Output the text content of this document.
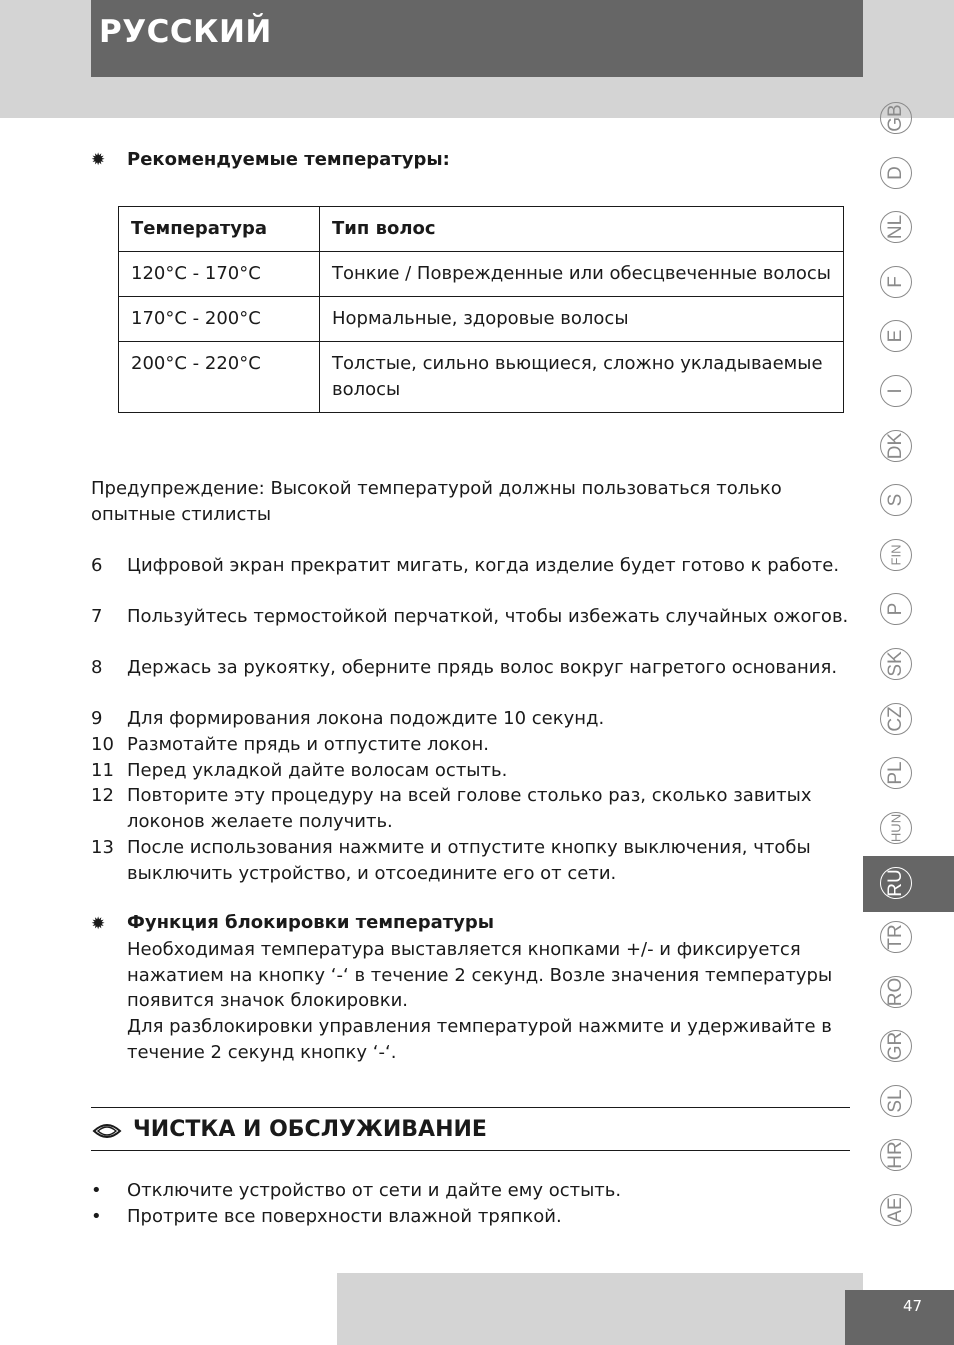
РУССКИЙ
GB
D
NL
F
E
I
DK
S
FIN
P
SK
CZ
PL
HUN
RU
TR
RO
GR
SL
HR
AE
47
✹ Рекомендуемые температуры:
Температура	Тип волос
120°C - 170°C	Тонкие / Поврежденные или обесцвеченные волосы
170°C - 200°C	Нормальные, здоровые волосы
200°C - 220°C	Толстые, сильно вьющиеся, сложно укладываемые волосы
Предупреждение: Высокой температурой должны пользоваться только опытные стилисты
6 Цифровой экран прекратит мигать, когда изделие будет готово к работе.
7 Пользуйтесь термостойкой перчаткой, чтобы избежать случайных ожогов.
8 Держась за рукоятку, оберните прядь волос вокруг нагретого основания.
9 Для формирования локона подождите 10 секунд.
10 Размотайте прядь и отпустите локон.
11 Перед укладкой дайте волосам остыть.
12 Повторите эту процедуру на всей голове столько раз, сколько завитых локонов желаете получить.
13 После использования нажмите и отпустите кнопку выключения, чтобы выключить устройство, и отсоедините его от сети.
✹ Функция блокировки температуры
Необходимая температура выставляется кнопками +/- и фиксируется нажатием на кнопку ‘-‘ в течение 2 секунд. Возле значения температуры появится значок блокировки.
Для разблокировки управления температурой нажмите и удерживайте в течение 2 секунд кнопку ‘-‘.
ЧИСТКА И ОБСЛУЖИВАНИЕ
• Отключите устройство от сети и дайте ему остыть.
• Протрите все поверхности влажной тряпкой.
